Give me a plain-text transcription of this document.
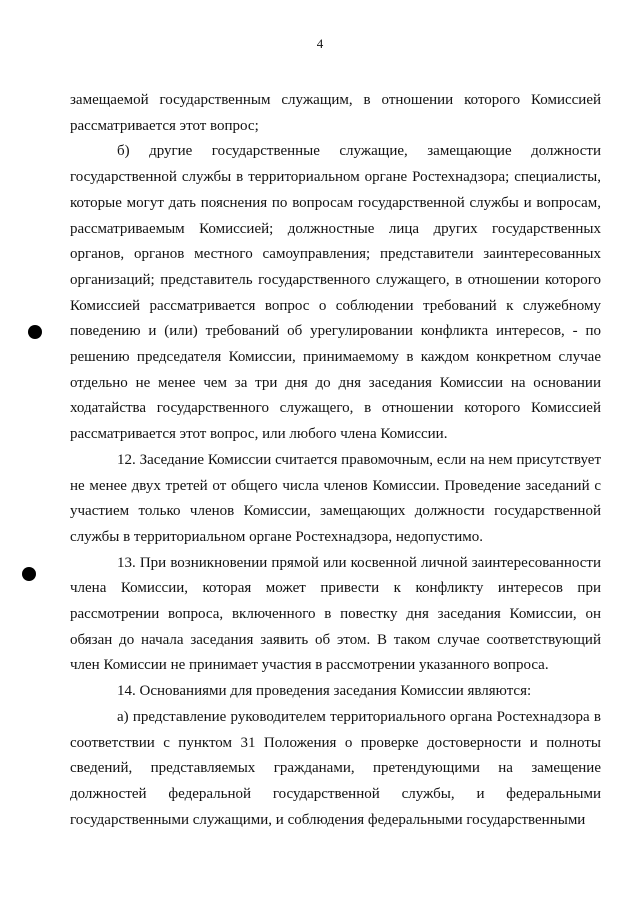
4

замещаемой государственным служащим, в отношении которого Комиссией рассматривается этот вопрос;

б) другие государственные служащие, замещающие должности государственной службы в территориальном органе Ростехнадзора; специалисты, которые могут дать пояснения по вопросам государственной службы и вопросам, рассматриваемым Комиссией; должностные лица других государственных органов, органов местного самоуправления; представители заинтересованных организаций; представитель государственного служащего, в отношении которого Комиссией рассматривается вопрос о соблюдении требований к служебному поведению и (или) требований об урегулировании конфликта интересов, - по решению председателя Комиссии, принимаемому в каждом конкретном случае отдельно не менее чем за три дня до дня заседания Комиссии на основании ходатайства государственного служащего, в отношении которого Комиссией рассматривается этот вопрос, или любого члена Комиссии.

12. Заседание Комиссии считается правомочным, если на нем присутствует не менее двух третей от общего числа членов Комиссии. Проведение заседаний с участием только членов Комиссии, замещающих должности государственной службы в территориальном органе Ростехнадзора, недопустимо.

13. При возникновении прямой или косвенной личной заинтересованности члена Комиссии, которая может привести к конфликту интересов при рассмотрении вопроса, включенного в повестку дня заседания Комиссии, он обязан до начала заседания заявить об этом. В таком случае соответствующий член Комиссии не принимает участия в рассмотрении указанного вопроса.

14. Основаниями для проведения заседания Комиссии являются:

а) представление руководителем территориального органа Ростехнадзора в соответствии с пунктом 31 Положения о проверке достоверности и полноты сведений, представляемых гражданами, претендующими на замещение должностей федеральной государственной службы, и федеральными государственными служащими, и соблюдения федеральными государственными
